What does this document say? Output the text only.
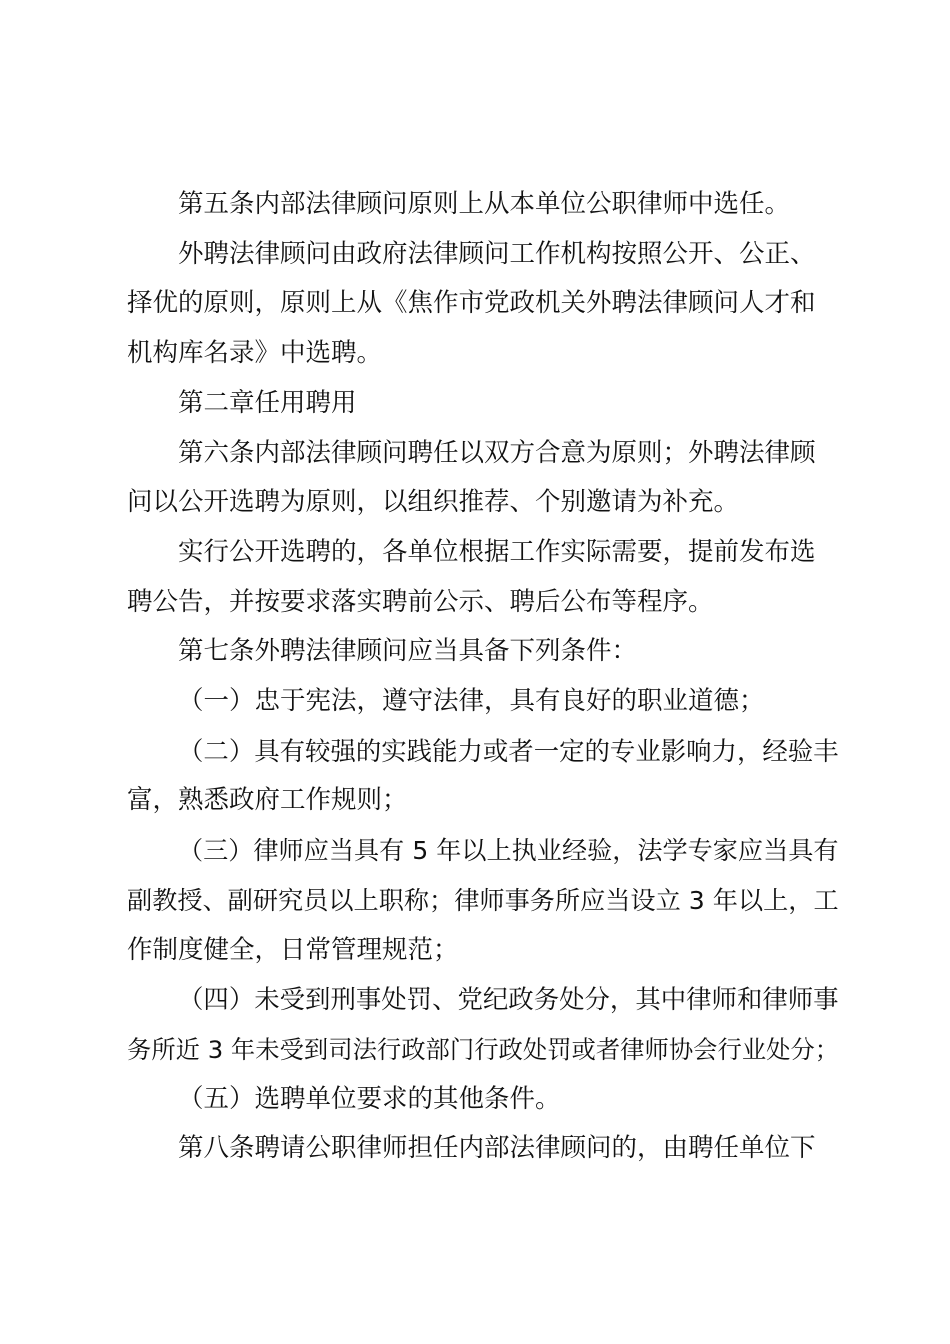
第五条内部法律顾问原则上从本单位公职律师中选任。

外聘法律顾问由政府法律顾问工作机构按照公开、公正、
择优的原则，原则上从《焦作市党政机关外聘法律顾问人才和
机构库名录》中选聘。

第二章任用聘用

第六条内部法律顾问聘任以双方合意为原则；外聘法律顾
问以公开选聘为原则，以组织推荐、个别邀请为补充。

实行公开选聘的，各单位根据工作实际需要，提前发布选
聘公告，并按要求落实聘前公示、聘后公布等程序。

第七条外聘法律顾问应当具备下列条件：

（一）忠于宪法，遵守法律，具有良好的职业道德；

（二）具有较强的实践能力或者一定的专业影响力，经验丰
富，熟悉政府工作规则；

（三）律师应当具有 5 年以上执业经验，法学专家应当具有
副教授、副研究员以上职称；律师事务所应当设立 3 年以上，工
作制度健全，日常管理规范；

（四）未受到刑事处罚、党纪政务处分，其中律师和律师事
务所近 3 年未受到司法行政部门行政处罚或者律师协会行业处分；

（五）选聘单位要求的其他条件。

第八条聘请公职律师担任内部法律顾问的，由聘任单位下
